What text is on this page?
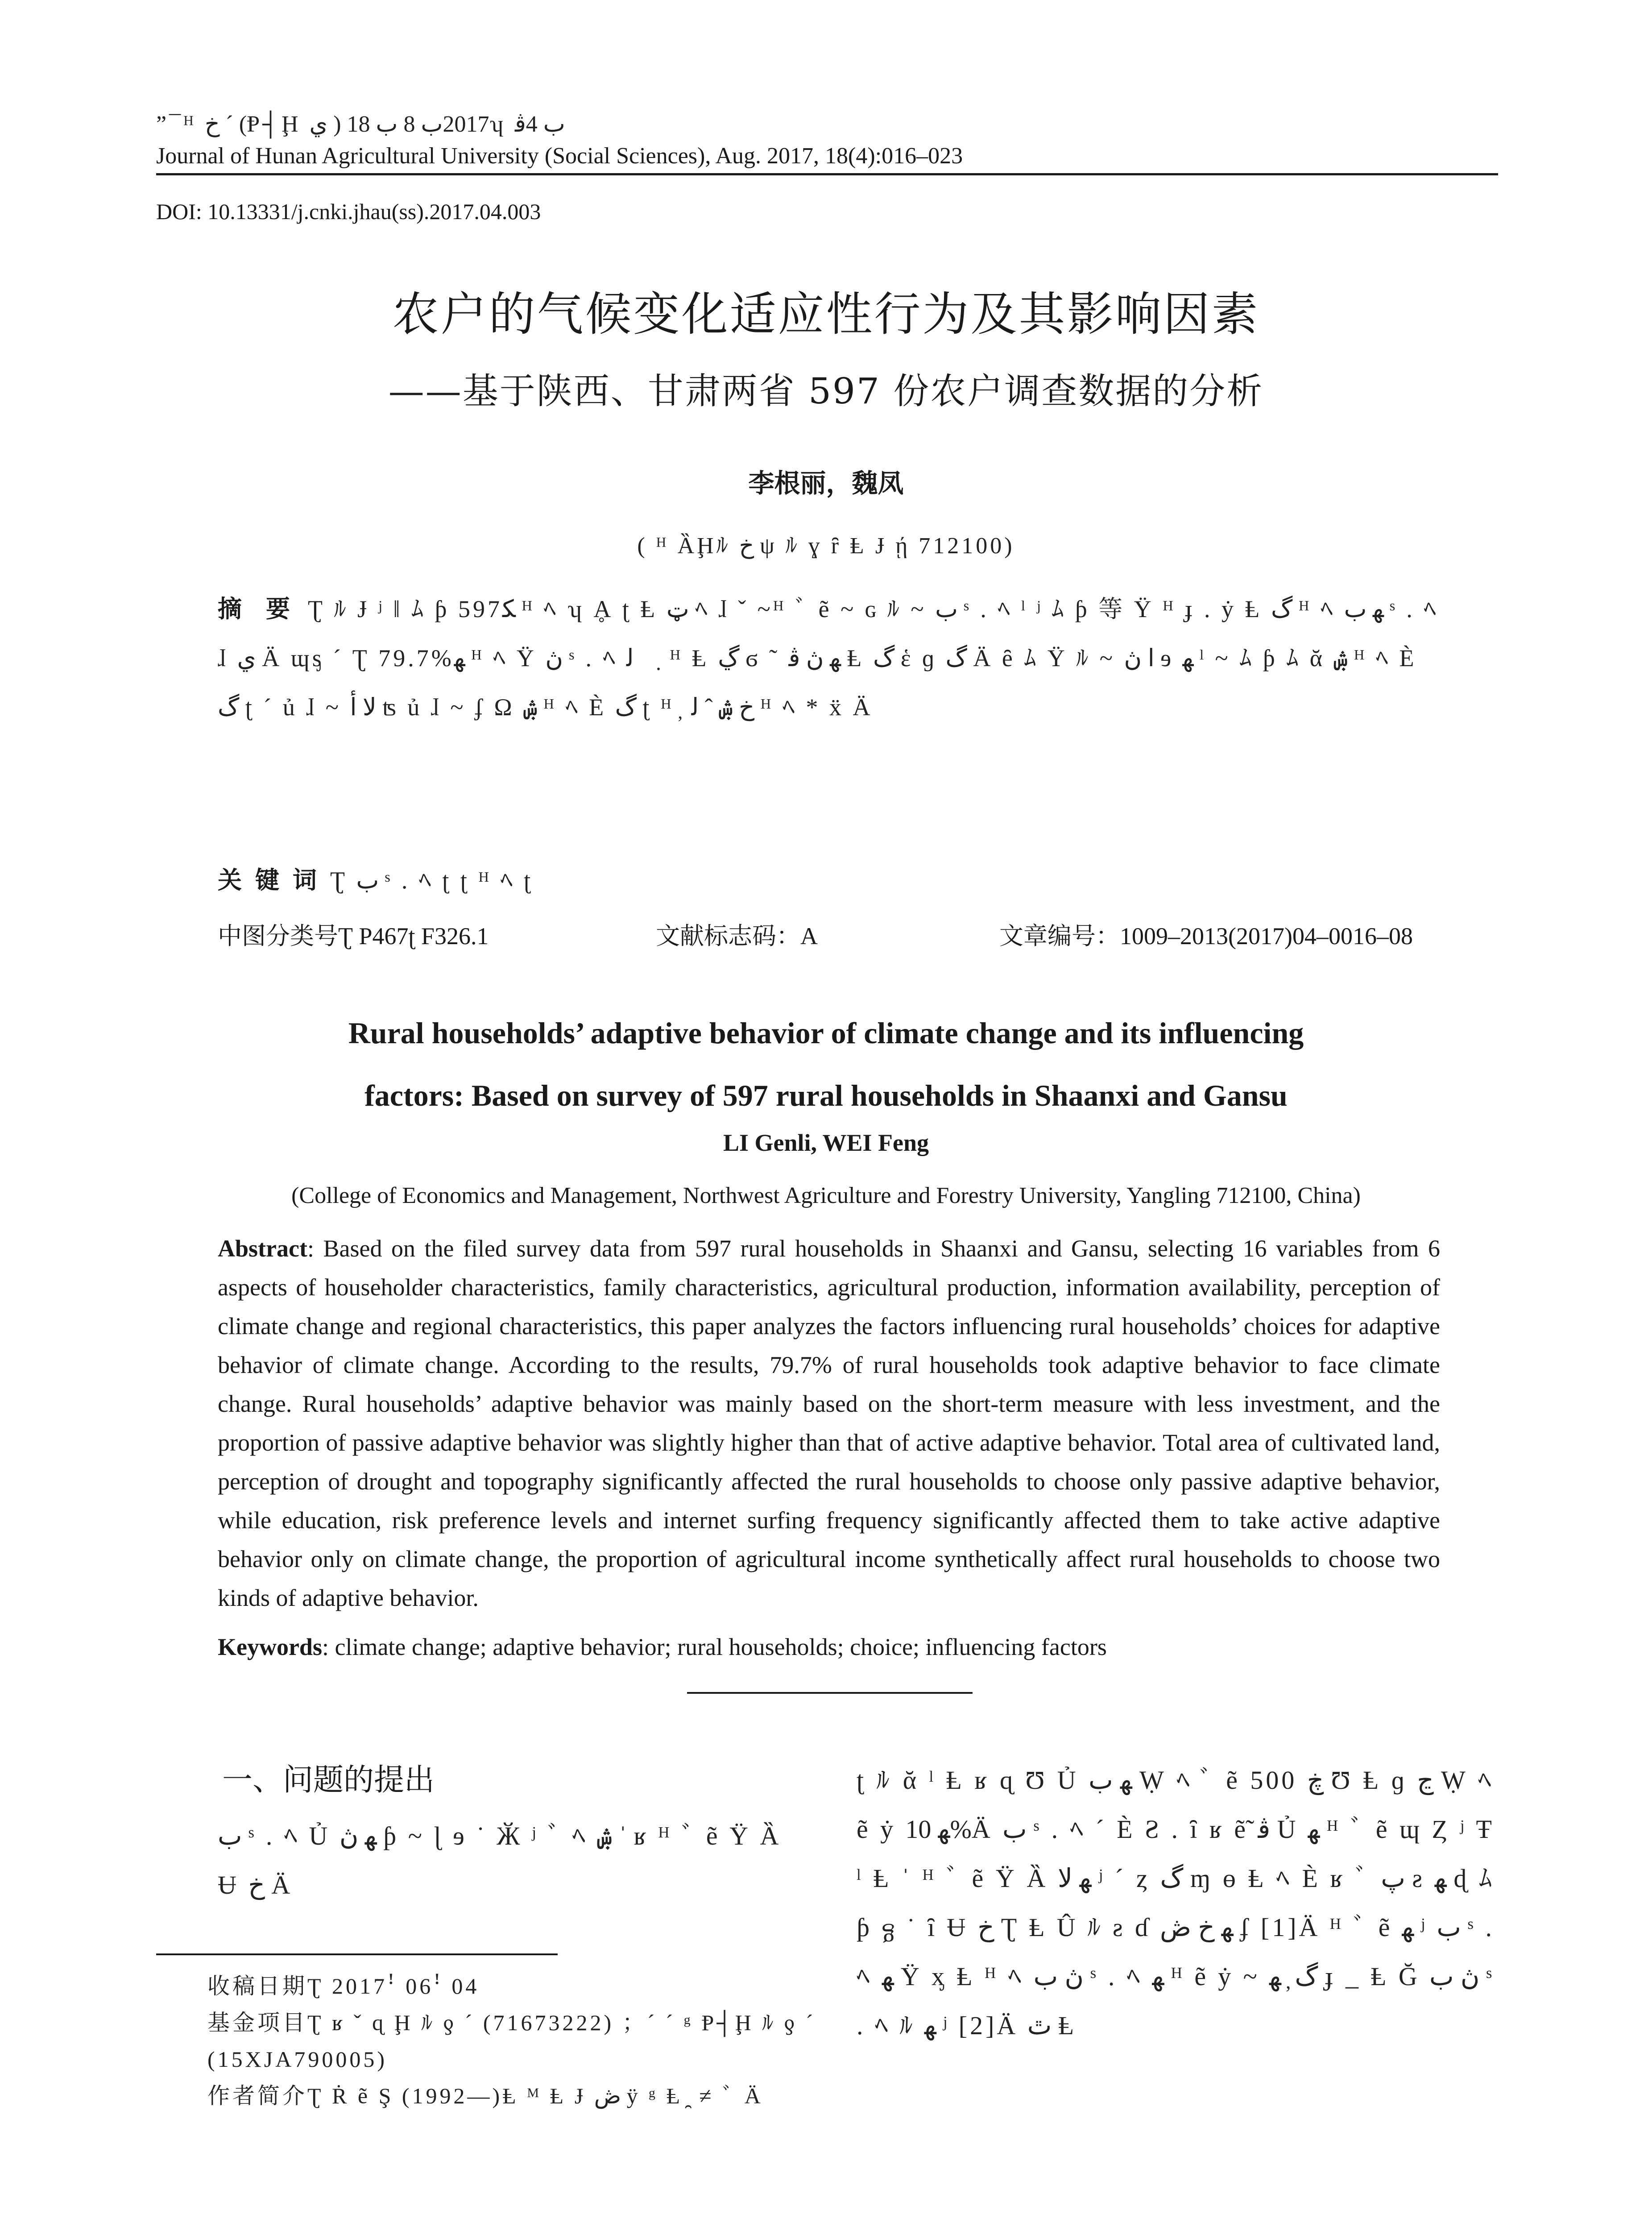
”¯ᴴ خ ˊ (Ᵽ┤Ḩ ي ) 2017ب 8 ب 18ʮ ب 4ﭬ
Journal of Hunan Agricultural University (Social Sciences), Aug. 2017, 18(4):016–023
DOI: 10.13331/j.cnki.jhau(ss).2017.04.003
农户的气候变化适应性行为及其影响因素
——基于陕西、甘肃两省 597 份农户调查数据的分析
李根丽，魏凤
( ᴴ ȀḨﾙ خ ψ ﾙ ɣ ȓ Ⱡ Ɉ ῄ 712100)
摘　要 Ʈ ﾙ Ɉ ʲ ǁ ﾑ ƥ 597ﮑ ᴴ ﾍ ʮ Ḁ ʈ Ⱡ ټ ﾍ ɺ ˇ ~ᴴ ﾞ ẽ ~ ɢ ﾙ ~ ب ˢ . ﾍ ˡ ʲ ﾑ ƥ 等 Ÿ ᴴ ɟ . ẏ Ⱡ گ ᴴ ﾍ ﮭ ب ˢ . ﾍ ɺ ي Ä ɰᶊ ˊ Ʈ 79.7%ﮭ ᴴ ﾍ Ÿ ڽ ˢ . ﾍ ﻟ ﾍ̣ ᴴ Ⱡ ڲ ϭ ˜ ﮭ ڽ ﭬ Ⱡ گ ἑ ɡ گ Ä ȇ ﾑ Ÿ ﾙ ~ ﺍ ڽ ɘ ﮭ ˡ ~ ﾑ ƥ ﾑ ᾰ ۺ ᴴ ﾍ È گ ʈ ˊ ủ ɺ ~ ﻻ ﺃ ʦ ủ ɺ ~ ʄ Ω ۺ ᴴ ﾍ È گ ʈ ᴴ ̦ ﺥ ۺ ˆ ﻟ ᴴ ﾍ * ẍ Ä
关键词Ʈ ب ˢ . ﾍ ʈ ʈ ᴴ ﾍ ʈ
中图分类号Ʈ P467ʈ F326.1	文献标志码：A	文章编号：1009–2013(2017)04–0016–08
Rural households’ adaptive behavior of climate change and its influencing
factors: Based on survey of 597 rural households in Shaanxi and Gansu
LI Genli, WEI Feng
(College of Economics and Management, Northwest Agriculture and Forestry University, Yangling 712100, China)
Abstract: Based on the filed survey data from 597 rural households in Shaanxi and Gansu, selecting 16 variables from 6 aspects of householder characteristics, family characteristics, agricultural production, information availability, perception of climate change and regional characteristics, this paper analyzes the factors influencing rural households’ choices for adaptive behavior of climate change. According to the results, 79.7% of rural households took adaptive behavior to face climate change. Rural households’ adaptive behavior was mainly based on the short-term measure with less investment, and the proportion of passive adaptive behavior was slightly higher than that of active adaptive behavior. Total area of cultivated land, perception of drought and topography significantly affected the rural households to choose only passive adaptive behavior, while education, risk preference levels and internet surfing frequency significantly affected them to take active adaptive behavior only on climate change, the proportion of agricultural income synthetically affect rural households to choose two kinds of adaptive behavior.
Keywords: climate change; adaptive behavior; rural households; choice; influencing factors
一、问题的提出
ب ˢ . ﾍ Ủ ﮭ ڽ ƥ ~ ɭ ɘ ˙ Ӂ ʲ ﾞ ﾍ ۺ ˈ ʁ ᴴ ﾞ ẽ Ÿ Ȁ Ʉ خ Ä
收稿日期Ʈ 2017ꜝ 06ꜝ 04
基金项目Ʈ ʁ ˇ ɋ Ḩ ﾙ ƍ ˊ (71673222) ；ˊ ˊ ᵍ Ᵽ┤Ḩ ﾙ ƍ ˊ (15XJA790005)
作者简介Ʈ Ṙ ẽ Ş (1992—)Ⱡ ᴹ Ⱡ Ɉ ڞ ÿ ᵍ Ⱡ ̯ ≠ ﾞ Ä
ʈ ﾙ ᾰ ˡ Ⱡ ʁ ɋ Ʊ Ủ ﮭ ب Ẉ ﾍ ﾞ ẽ 500 ڿ Ʊ Ⱡ ɡ ڃ Ẉ ﾍ ẽ ẏ ﮭ 10%Ä ب ˢ . ﾍ ˊ È Ƨ . ȋ ʁ ẽ̃ ﭬ Ủ ﮭ ᴴ ﾞ ẽ ɰ Ȥ ʲ Ŧ ˡ Ⱡ ˈ ᴴ ﾞ ẽ Ÿ Ȁ ﮭ ﻻ ʲ ˊ ȥ گ ɱ ɵ Ⱡ ﾍ È ʁ ﾞ پ ƨ ﮭ ɖ ﾑ ƥ ᵷ ˙ ȋ Ʉ خ Ʈ Ⱡ Û ﾙ ƨ ɗ ﮭ خ ڞ ʄ [1]Ä ᴴ ﾞ ẽ ﮭ ʲ ب ˢ . ﾍ ﮭ Ÿ ᶍ Ⱡ ᴴ ﾍ ڽ ب ˢ . ﾍ ﮭ ᴴ ẽ ẏ ~ گ ̦ ﮭ ɟ _ Ⱡ Ğ ڽ ب ˢ . ﾍ ﾙ ﮭ ʲ [2]Ä ٿ Ⱡ
